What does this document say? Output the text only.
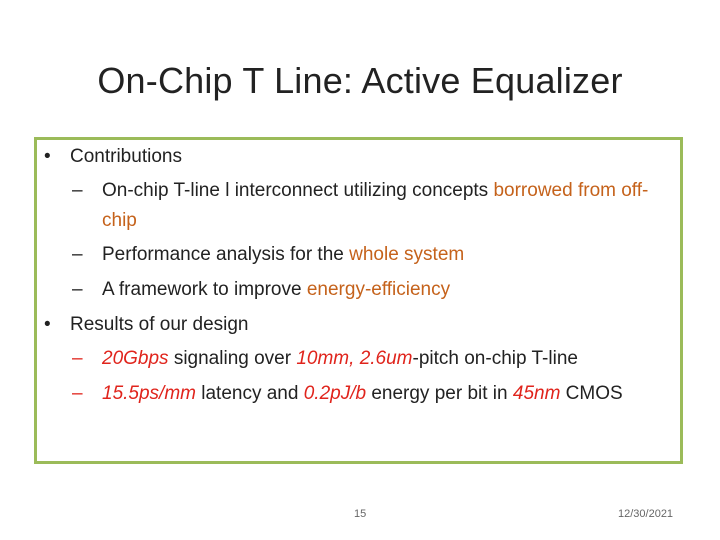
On-Chip T Line: Active Equalizer
• Contributions
– On-chip T-line l interconnect utilizing concepts borrowed from off-chip
– Performance analysis for the whole system
– A framework to improve energy-efficiency
• Results of our design
– 20Gbps signaling over 10mm, 2.6um-pitch on-chip T-line
– 15.5ps/mm latency and 0.2pJ/b energy per bit in 45nm CMOS
15	12/30/2021
